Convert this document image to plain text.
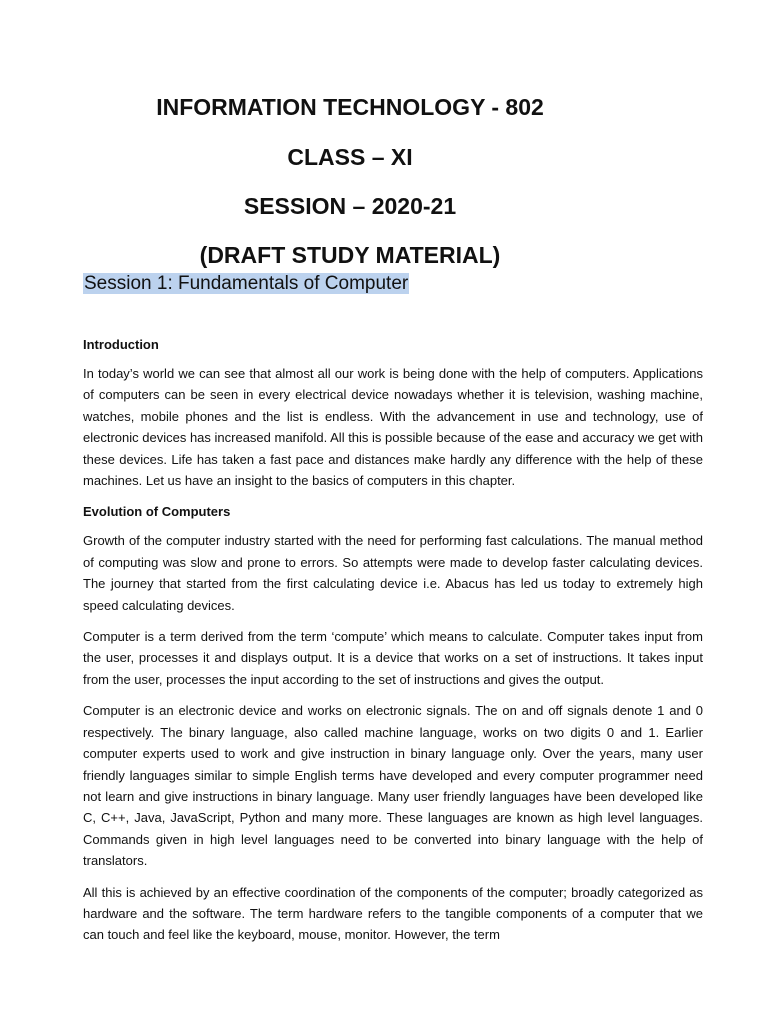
INFORMATION TECHNOLOGY - 802
CLASS – XI
SESSION – 2020-21
(DRAFT STUDY MATERIAL)
Session 1: Fundamentals of Computer
Introduction

In today’s world we can see that almost all our work is being done with the help of computers. Applications of computers can be seen in every electrical device nowadays whether it is television, washing machine, watches, mobile phones and the list is endless. With the advancement in use and technology, use of electronic devices has increased manifold. All this is possible because of the ease and accuracy we get with these devices. Life has taken a fast pace and distances make hardly any difference with the help of these machines. Let us have an insight to the basics of computers in this chapter.

Evolution of Computers

Growth of the computer industry started with the need for performing fast calculations. The manual method of computing was slow and prone to errors. So attempts were made to develop faster calculating devices. The journey that started from the first calculating device i.e. Abacus has led us today to extremely high speed calculating devices.

Computer is a term derived from the term ‘compute’ which means to calculate. Computer takes input from the user, processes it and displays output. It is a device that works on a set of instructions. It takes input from the user, processes the input according to the set of instructions and gives the output.

Computer is an electronic device and works on electronic signals. The on and off signals denote 1 and 0 respectively. The binary language, also called machine language, works on two digits 0 and 1. Earlier computer experts used to work and give instruction in binary language only. Over the years, many user friendly languages similar to simple English terms have developed and every computer programmer need not learn and give instructions in binary language. Many user friendly languages have been developed like C, C++, Java, JavaScript, Python and many more. These languages are known as high level languages. Commands given in high level languages need to be converted into binary language with the help of translators.

All this is achieved by an effective coordination of the components of the computer; broadly categorized as hardware and the software. The term hardware refers to the tangible components of a computer that we can touch and feel like the keyboard, mouse, monitor. However, the term
